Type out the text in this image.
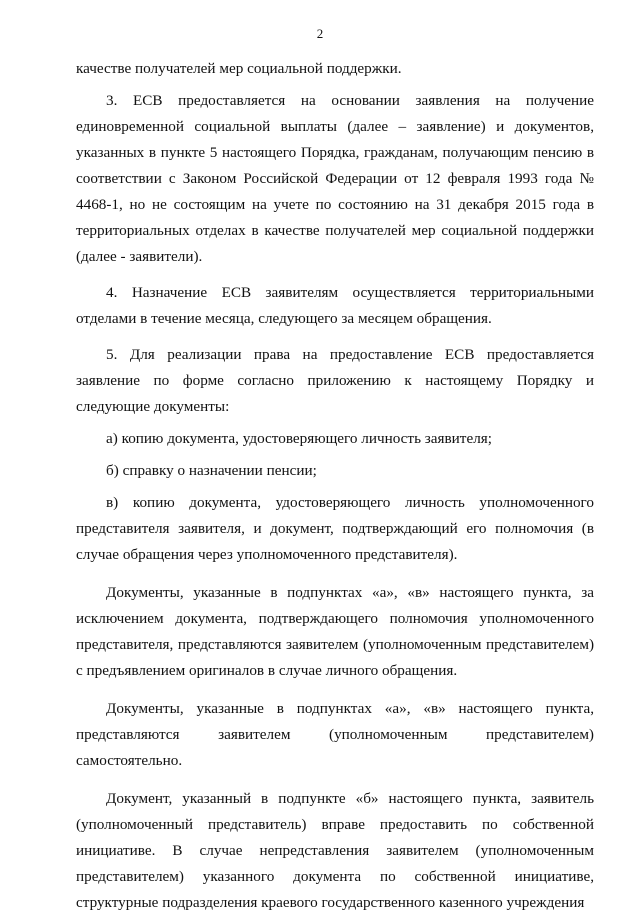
2

качестве получателей мер социальной поддержки.

3. ЕСВ предоставляется на основании заявления на получение единовременной социальной выплаты (далее – заявление) и документов, указанных в пункте 5 настоящего Порядка, гражданам, получающим пенсию в соответствии с Законом Российской Федерации от 12 февраля 1993 года № 4468-1, но не состоящим на учете по состоянию на 31 декабря 2015 года в территориальных отделах в качестве получателей мер социальной поддержки (далее - заявители).

4. Назначение ЕСВ заявителям осуществляется территориальными отделами в течение месяца, следующего за месяцем обращения.

5. Для реализации права на предоставление ЕСВ предоставляется заявление по форме согласно приложению к настоящему Порядку и следующие документы:

а) копию документа, удостоверяющего личность заявителя;

б) справку о назначении пенсии;

в) копию документа, удостоверяющего личность уполномоченного представителя заявителя, и документ, подтверждающий его полномочия (в случае обращения через уполномоченного представителя).

Документы, указанные в подпунктах «а», «в» настоящего пункта, за исключением документа, подтверждающего полномочия уполномоченного представителя, представляются заявителем (уполномоченным представителем) с предъявлением оригиналов в случае личного обращения.

Документы, указанные в подпунктах «а», «в» настоящего пункта, представляются заявителем (уполномоченным представителем) самостоятельно.

Документ, указанный в подпункте «б» настоящего пункта, заявитель (уполномоченный представитель) вправе предоставить по собственной инициативе. В случае непредставления заявителем (уполномоченным представителем) указанного документа по собственной инициативе, структурные подразделения краевого государственного казенного учреждения
